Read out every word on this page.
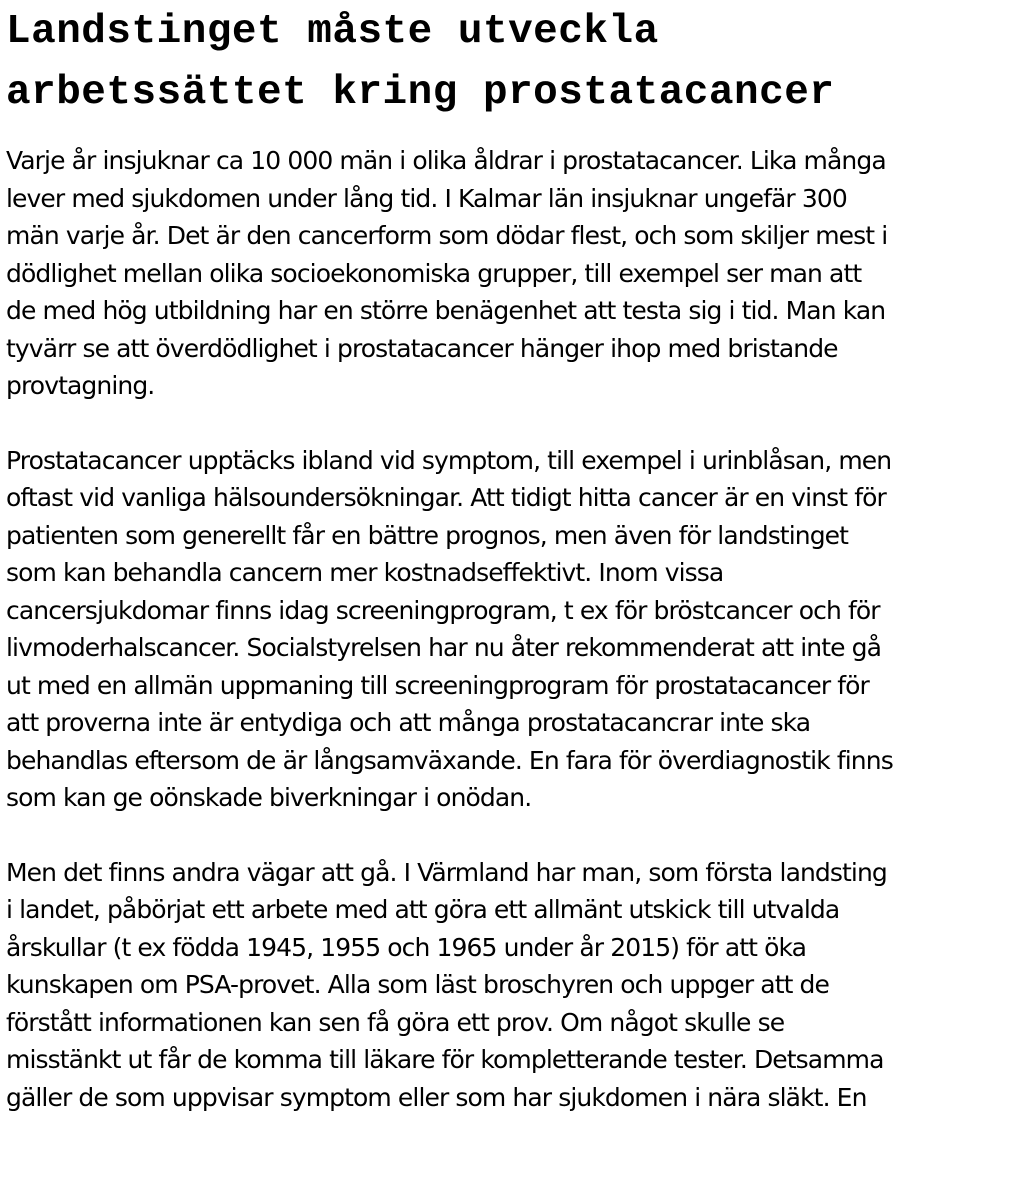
Landstinget måste utveckla
arbetssättet kring prostatacancer

Varje år insjuknar ca 10 000 män i olika åldrar i prostatacancer. Lika många
lever med sjukdomen under lång tid. I Kalmar län insjuknar ungefär 300
män varje år. Det är den cancerform som dödar flest, och som skiljer mest i
dödlighet mellan olika socioekonomiska grupper, till exempel ser man att
de med hög utbildning har en större benägenhet att testa sig i tid. Man kan
tyvärr se att överdödlighet i prostatacancer hänger ihop med bristande
provtagning.

Prostatacancer upptäcks ibland vid symptom, till exempel i urinblåsan, men
oftast vid vanliga hälsoundersökningar. Att tidigt hitta cancer är en vinst för
patienten som generellt får en bättre prognos, men även för landstinget
som kan behandla cancern mer kostnadseffektivt. Inom vissa
cancersjukdomar finns idag screeningprogram, t ex för bröstcancer och för
livmoderhalscancer. Socialstyrelsen har nu åter rekommenderat att inte gå
ut med en allmän uppmaning till screeningprogram för prostatacancer för
att proverna inte är entydiga och att många prostatacancrar inte ska
behandlas eftersom de är långsamväxande. En fara för överdiagnostik finns
som kan ge oönskade biverkningar i onödan.

Men det finns andra vägar att gå. I Värmland har man, som första landsting
i landet, påbörjat ett arbete med att göra ett allmänt utskick till utvalda
årskullar (t ex födda 1945, 1955 och 1965 under år 2015) för att öka
kunskapen om PSA-provet. Alla som läst broschyren och uppger att de
förstått informationen kan sen få göra ett prov. Om något skulle se
misstänkt ut får de komma till läkare för kompletterande tester. Detsamma
gäller de som uppvisar symptom eller som har sjukdomen i nära släkt. En
